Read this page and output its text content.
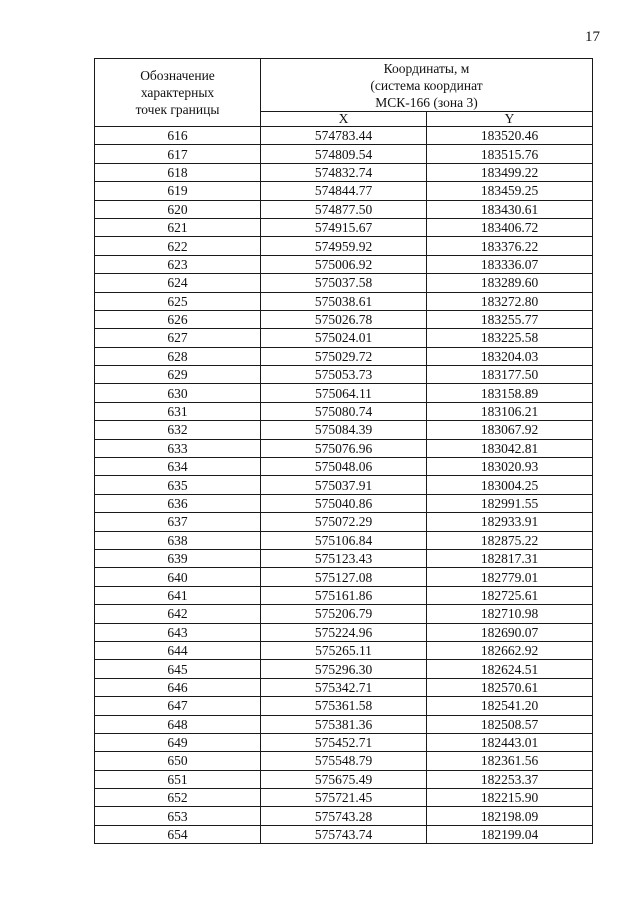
17
Обозначение
характерных
точек границы	Координаты, м
(система координат
МСК-166 (зона 3)	

	X	Y
616	574783.44	183520.46
617	574809.54	183515.76
618	574832.74	183499.22
619	574844.77	183459.25
620	574877.50	183430.61
621	574915.67	183406.72
622	574959.92	183376.22
623	575006.92	183336.07
624	575037.58	183289.60
625	575038.61	183272.80
626	575026.78	183255.77
627	575024.01	183225.58
628	575029.72	183204.03
629	575053.73	183177.50
630	575064.11	183158.89
631	575080.74	183106.21
632	575084.39	183067.92
633	575076.96	183042.81
634	575048.06	183020.93
635	575037.91	183004.25
636	575040.86	182991.55
637	575072.29	182933.91
638	575106.84	182875.22
639	575123.43	182817.31
640	575127.08	182779.01
641	575161.86	182725.61
642	575206.79	182710.98
643	575224.96	182690.07
644	575265.11	182662.92
645	575296.30	182624.51
646	575342.71	182570.61
647	575361.58	182541.20
648	575381.36	182508.57
649	575452.71	182443.01
650	575548.79	182361.56
651	575675.49	182253.37
652	575721.45	182215.90
653	575743.28	182198.09
654	575743.74	182199.04
